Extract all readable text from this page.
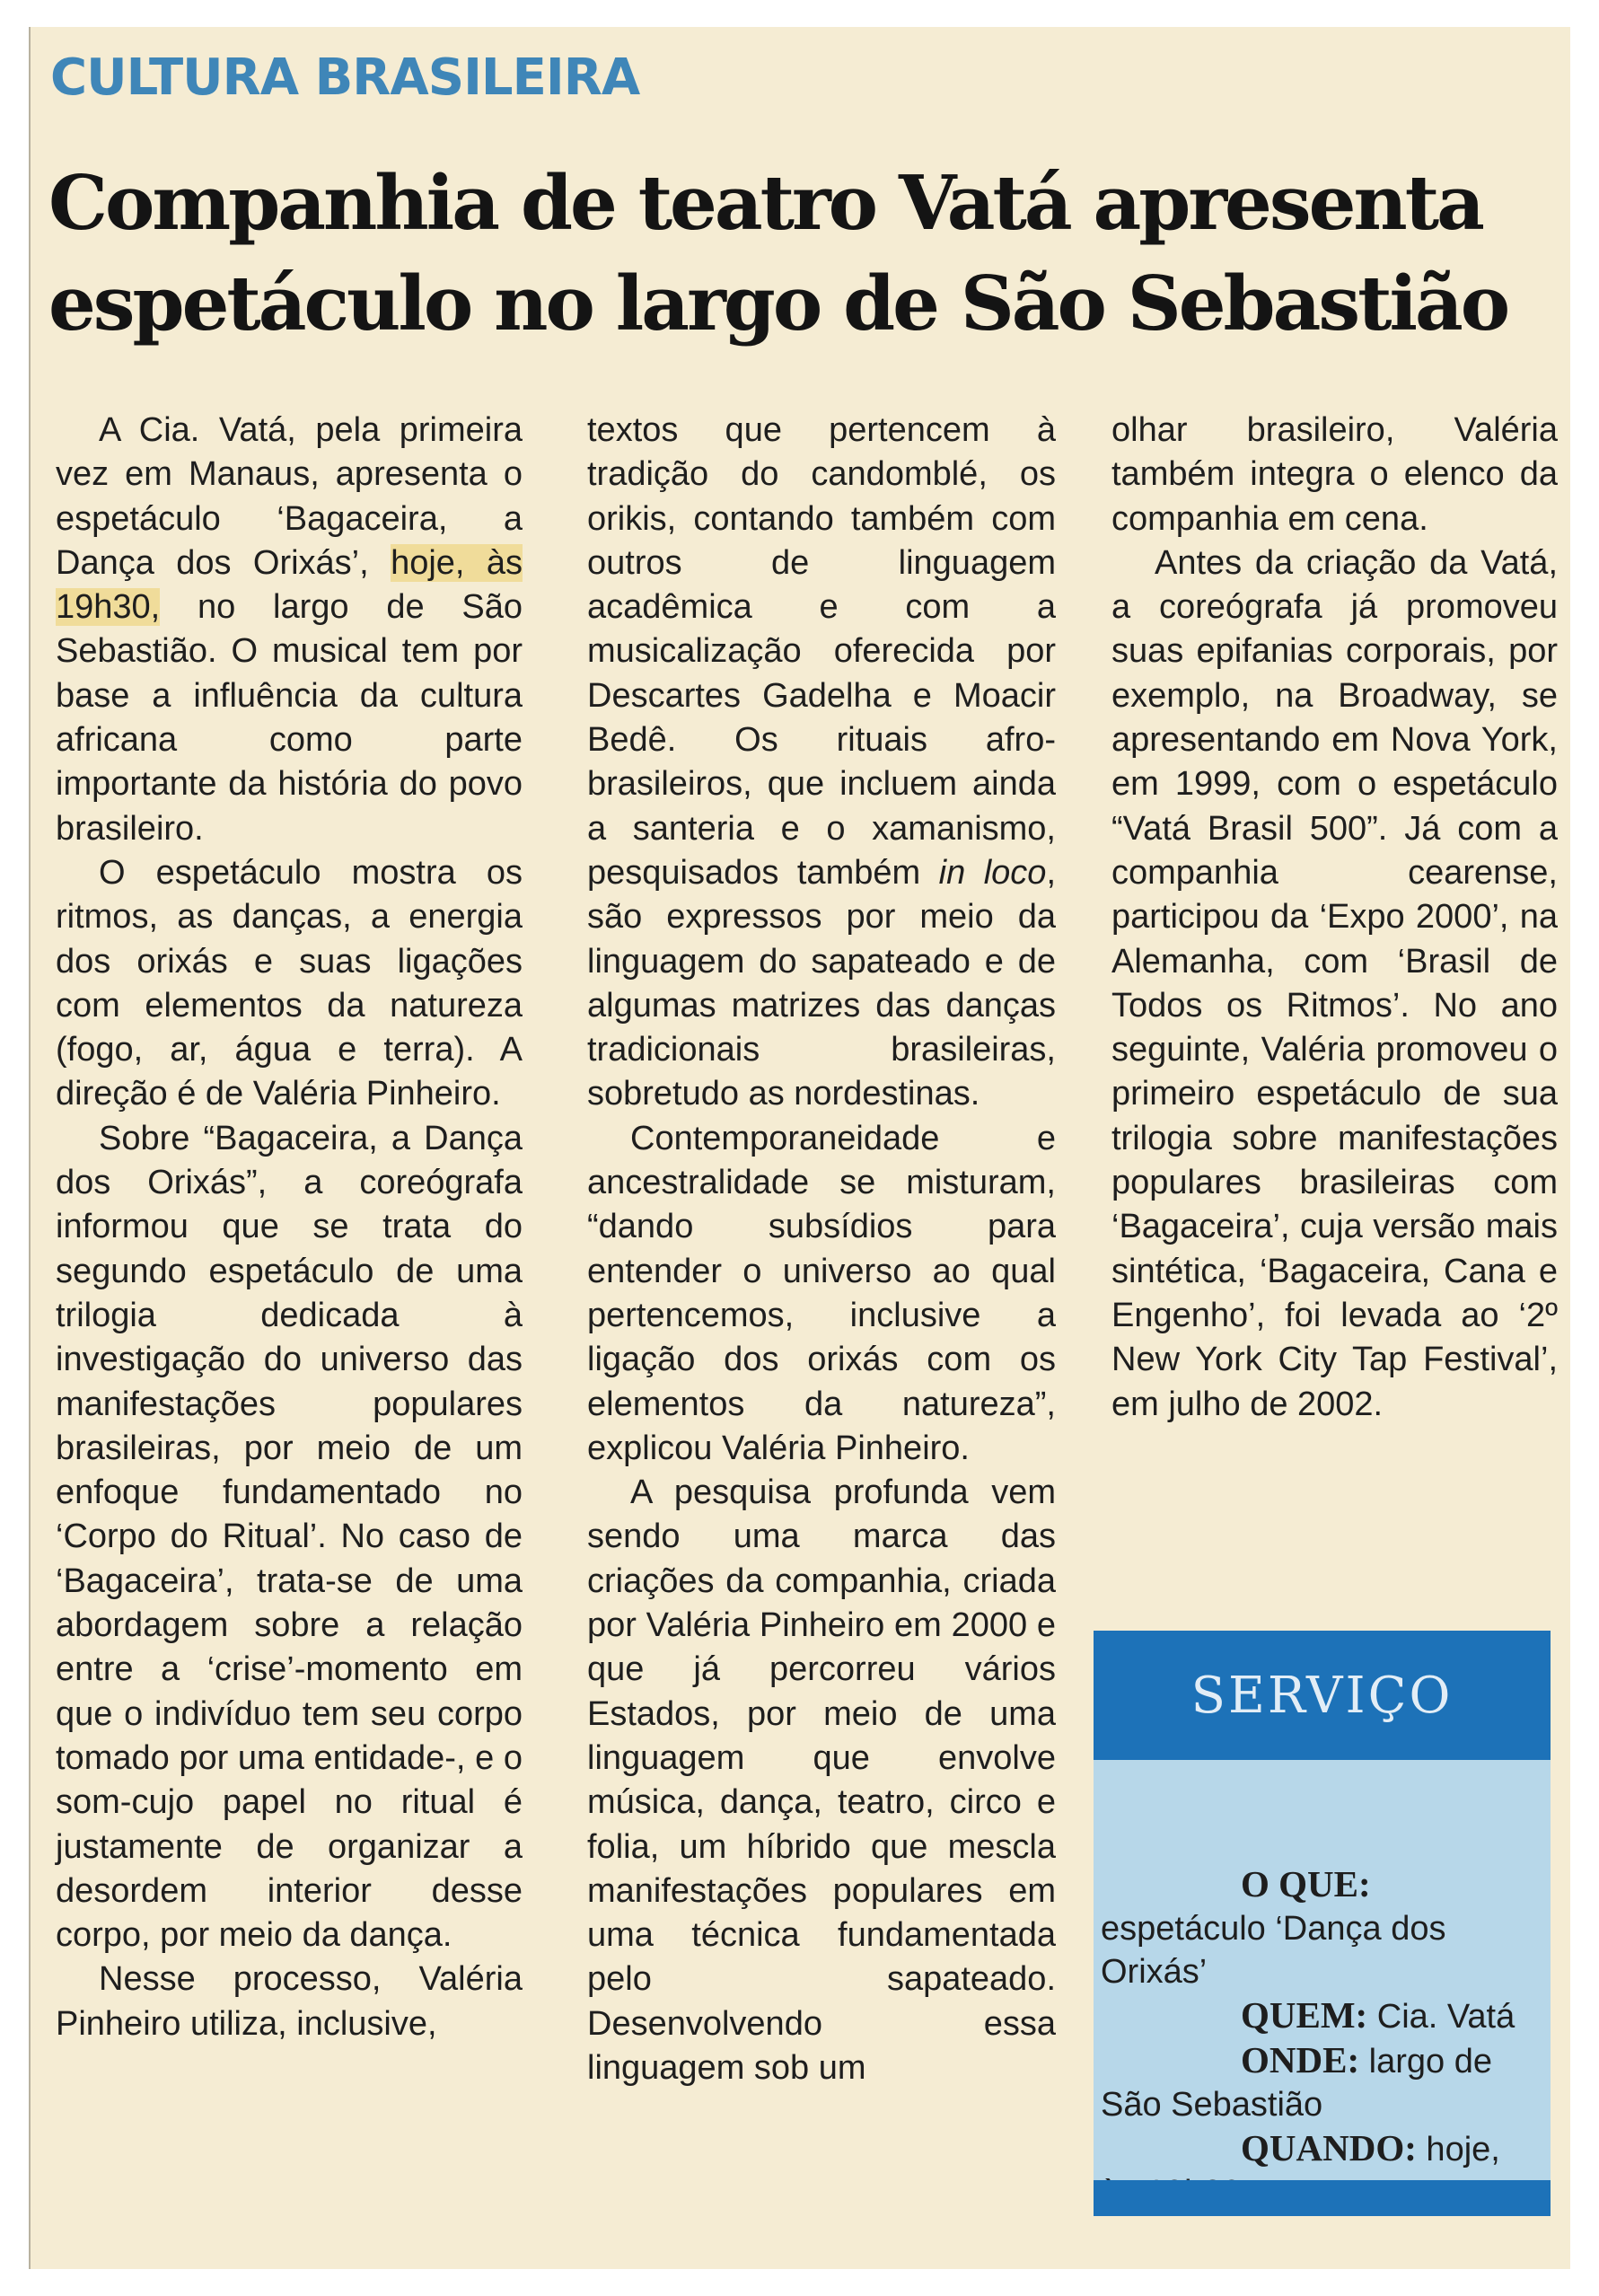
CULTURA BRASILEIRA
Companhia de teatro Vatá apresenta
espetáculo no largo de São Sebastião

A Cia. Vatá, pela primeira vez em Manaus, apresenta o espetáculo ‘Bagaceira, a Dança dos Orixás’, hoje, às 19h30, no largo de São Sebastião. O musical tem por base a influência da cultura africana como parte importante da história do povo brasileiro.

O espetáculo mostra os ritmos, as danças, a energia dos orixás e suas ligações com elementos da natureza (fogo, ar, água e terra). A direção é de Valéria Pinheiro.

Sobre “Bagaceira, a Dança dos Orixás”, a coreógrafa informou que se trata do segundo espetáculo de uma trilogia dedicada à investigação do universo das manifestações populares brasileiras, por meio de um enfoque fundamentado no ‘Corpo do Ritual’. No caso de ‘Bagaceira’, trata-se de uma abordagem sobre a relação entre a ‘crise’-momento em que o indivíduo tem seu corpo tomado por uma entidade-, e o som-cujo papel no ritual é justamente de organizar a desordem interior desse corpo, por meio da dança.

Nesse processo, Valéria Pinheiro utiliza, inclusive,

textos que pertencem à tradição do candomblé, os orikis, contando também com outros de linguagem acadêmica e com a musicalização oferecida por Descartes Gadelha e Moacir Bedê. Os rituais afro-brasileiros, que incluem ainda a santeria e o xamanismo, pesquisados também in loco, são expressos por meio da linguagem do sapateado e de algumas matrizes das danças tradicionais brasileiras, sobretudo as nordestinas.

Contemporaneidade e ancestralidade se misturam, “dando subsídios para entender o universo ao qual pertencemos, inclusive a ligação dos orixás com os elementos da natureza”, explicou Valéria Pinheiro.

A pesquisa profunda vem sendo uma marca das criações da companhia, criada por Valéria Pinheiro em 2000 e que já percorreu vários Estados, por meio de uma linguagem que envolve música, dança, teatro, circo e folia, um híbrido que mescla manifestações populares em uma técnica fundamentada pelo sapateado. Desenvolvendo essa linguagem sob um

olhar brasileiro, Valéria também integra o elenco da companhia em cena.

Antes da criação da Vatá, a coreógrafa já promoveu suas epifanias corporais, por exemplo, na Broadway, se apresentando em Nova York, em 1999, com o espetáculo “Vatá Brasil 500”. Já com a companhia cearense, participou da ‘Expo 2000’, na Alemanha, com ‘Brasil de Todos os Ritmos’. No ano seguinte, Valéria promoveu o primeiro espetáculo de sua trilogia sobre manifestações populares brasileiras com ‘Bagaceira’, cuja versão mais sintética, ‘Bagaceira, Cana e Engenho’, foi levada ao ‘2º New York City Tap Festival’, em julho de 2002.

SERVIÇO

O QUE: espetáculo ‘Dança dos Orixás’

QUEM: Cia. Vatá

ONDE: largo de São Sebastião

QUANDO: hoje,
